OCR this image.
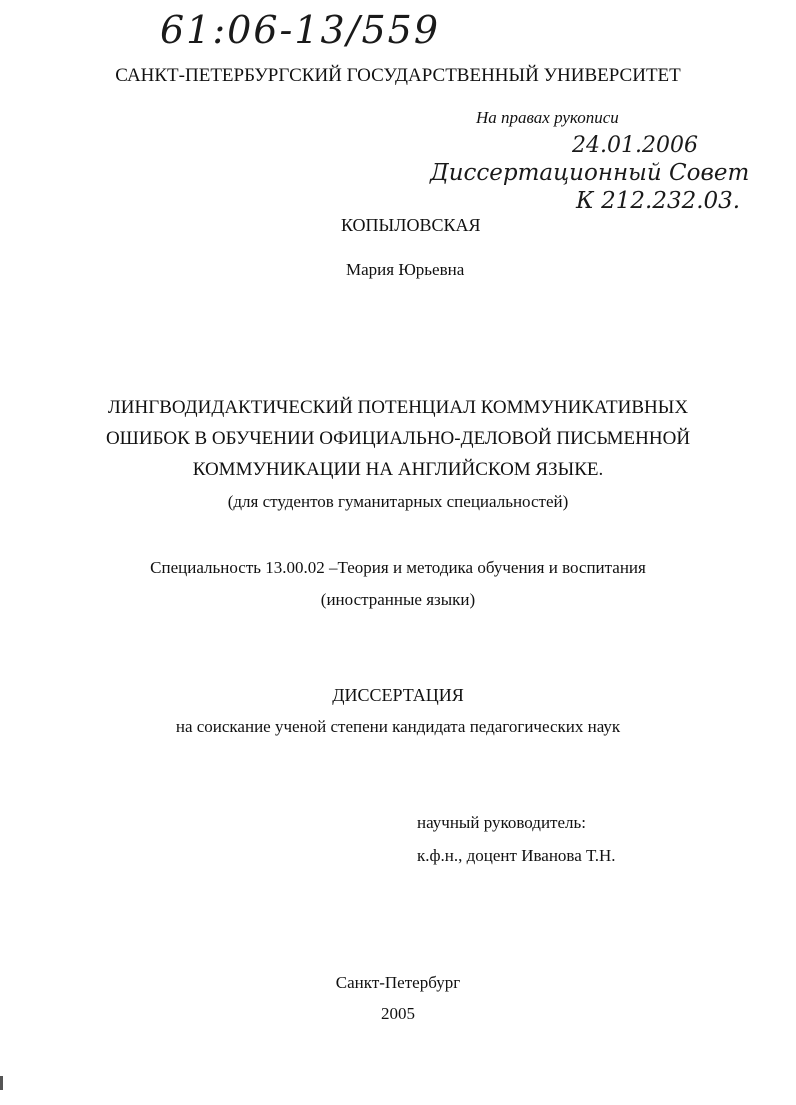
61:06-13/559
САНКТ-ПЕТЕРБУРГСКИЙ ГОСУДАРСТВЕННЫЙ УНИВЕРСИТЕТ
На правах рукописи
24.01.2006
Диссертационный Совет
К 212.232.03.
КОПЫЛОВСКАЯ
Мария Юрьевна
ЛИНГВОДИДАКТИЧЕСКИЙ ПОТЕНЦИАЛ КОММУНИКАТИВНЫХ
ОШИБОК В ОБУЧЕНИИ ОФИЦИАЛЬНО-ДЕЛОВОЙ ПИСЬМЕННОЙ
КОММУНИКАЦИИ НА АНГЛИЙСКОМ ЯЗЫКЕ.
(для студентов гуманитарных специальностей)
Специальность 13.00.02 –Теория и методика обучения и воспитания
(иностранные языки)
ДИССЕРТАЦИЯ
на соискание ученой степени кандидата педагогических наук
научный руководитель:
к.ф.н., доцент Иванова Т.Н.
Санкт-Петербург
2005
